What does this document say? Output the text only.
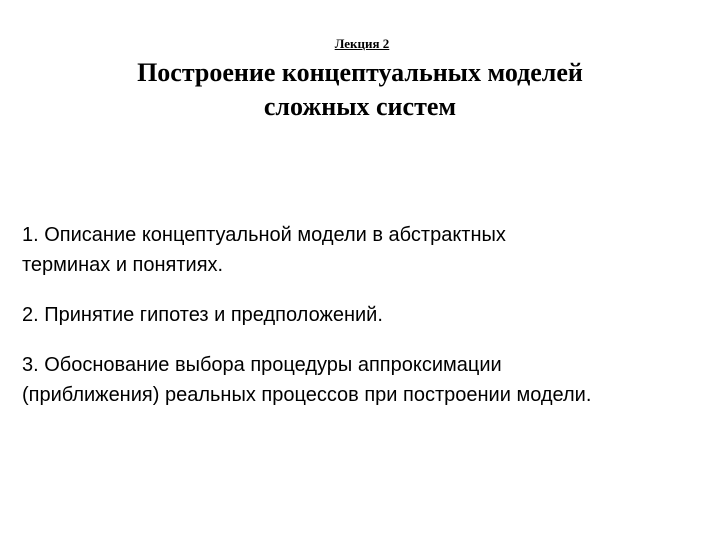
Лекция 2
Построение концептуальных моделей
сложных систем
1. Описание концептуальной модели в абстрактных
терминах и понятиях.
2. Принятие гипотез и предположений.
3. Обоснование выбора процедуры аппроксимации
(приближения) реальных процессов при построении модели.
